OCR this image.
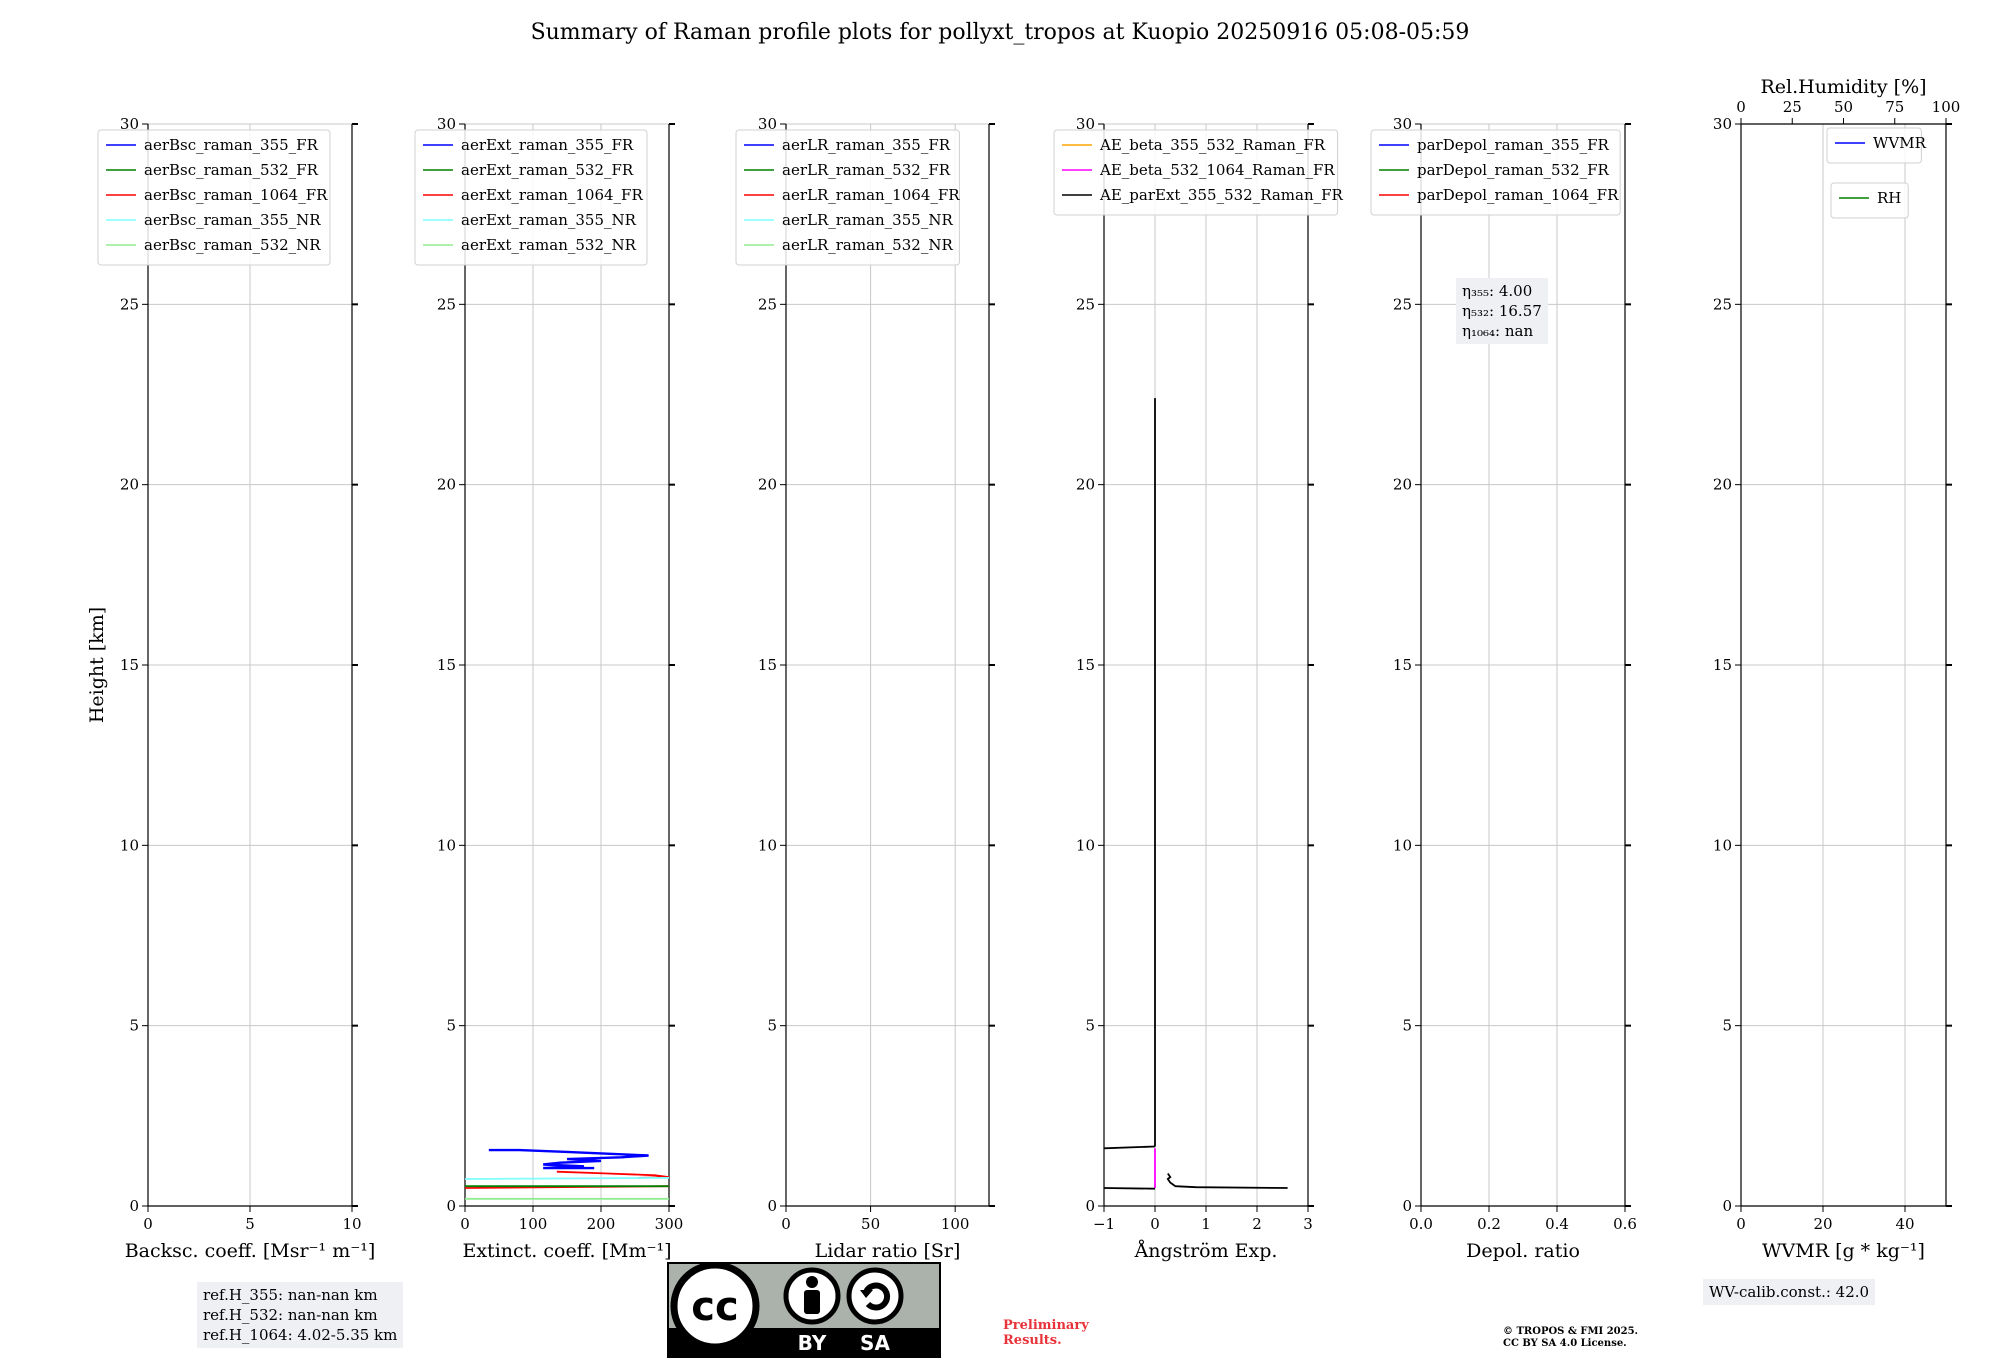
Summary of Raman profile plots for pollyxt_tropos at Kuopio 20250916 05:08-05:59
0	5	10
0
5
10
15
20
25
30
Backsc. coeff. [Msr⁻¹ m⁻¹]
Height [km]
aerBsc_raman_355_FR
aerBsc_raman_532_FR
aerBsc_raman_1064_FR
aerBsc_raman_355_NR
aerBsc_raman_532_NR
0	100	200	300
0
5
10
15
20
25
30
Extinct. coeff. [Mm⁻¹]
aerExt_raman_355_FR
aerExt_raman_532_FR
aerExt_raman_1064_FR
aerExt_raman_355_NR
aerExt_raman_532_NR
0	50	100
0
5
10
15
20
25
30
Lidar ratio [Sr]
aerLR_raman_355_FR
aerLR_raman_532_FR
aerLR_raman_1064_FR
aerLR_raman_355_NR
aerLR_raman_532_NR
−1 0	1	2	3
0
5
10
15
20
25
30
Ångström Exp.
AE_beta_355_532_Raman_FR
AE_beta_532_1064_Raman_FR
AE_parExt_355_532_Raman_FR
0.0	0.2	0.4	0.6
0
5
10
15
20
25
30
Depol. ratio
parDepol_raman_355_FR
parDepol_raman_532_FR
parDepol_raman_1064_FR
0	20	40
0
5
10
15
20
25
30
0 25 50 75 100
Rel.Humidity [%]
WVMR [g * kg⁻¹]
WVMR
RH
η₃₅₅: 4.00
η₅₃₂: 16.57
η₁₀₆₄: nan
ref.H_355: nan-nan km
ref.H_532: nan-nan km
ref.H_1064: 4.02-5.35 km
WV-calib.const.: 42.0
cc
BY SA
Preliminary
Results.
© TROPOS & FMI 2025.
CC BY SA 4.0 License.
